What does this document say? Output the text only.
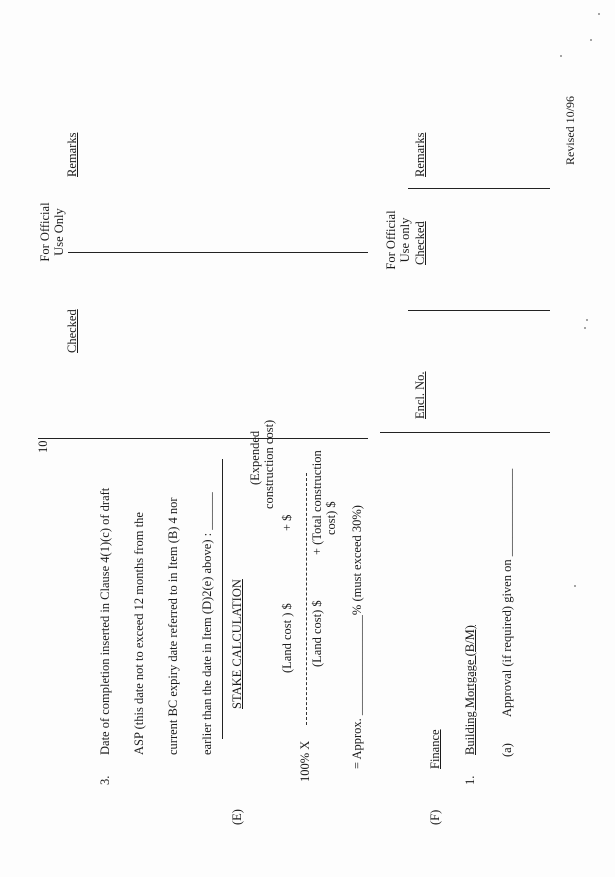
10
Revised 10/96
3.
Date of completion inserted in Clause 4(1)(c) of draft ASP (this date not to exceed 12 months from the current BC expiry date referred to in Item (B) 4 nor earlier than the date in Item (D)2(e) above) : ______
Checked
For Official Use Only
Remarks
(E)
STAKE CALCULATION
(Expended construction cost)
(Land cost ) $
+ $
100% X
(Land cost) $
+ (Total construction cost) $ = Approx. ________________% (must exceed 30%)
For Official Use only
Encl. No.
Checked
Remarks
(F)
Finance
1.
Building Mortgage (B/M) (a)
Approval (if required) given on ______________
